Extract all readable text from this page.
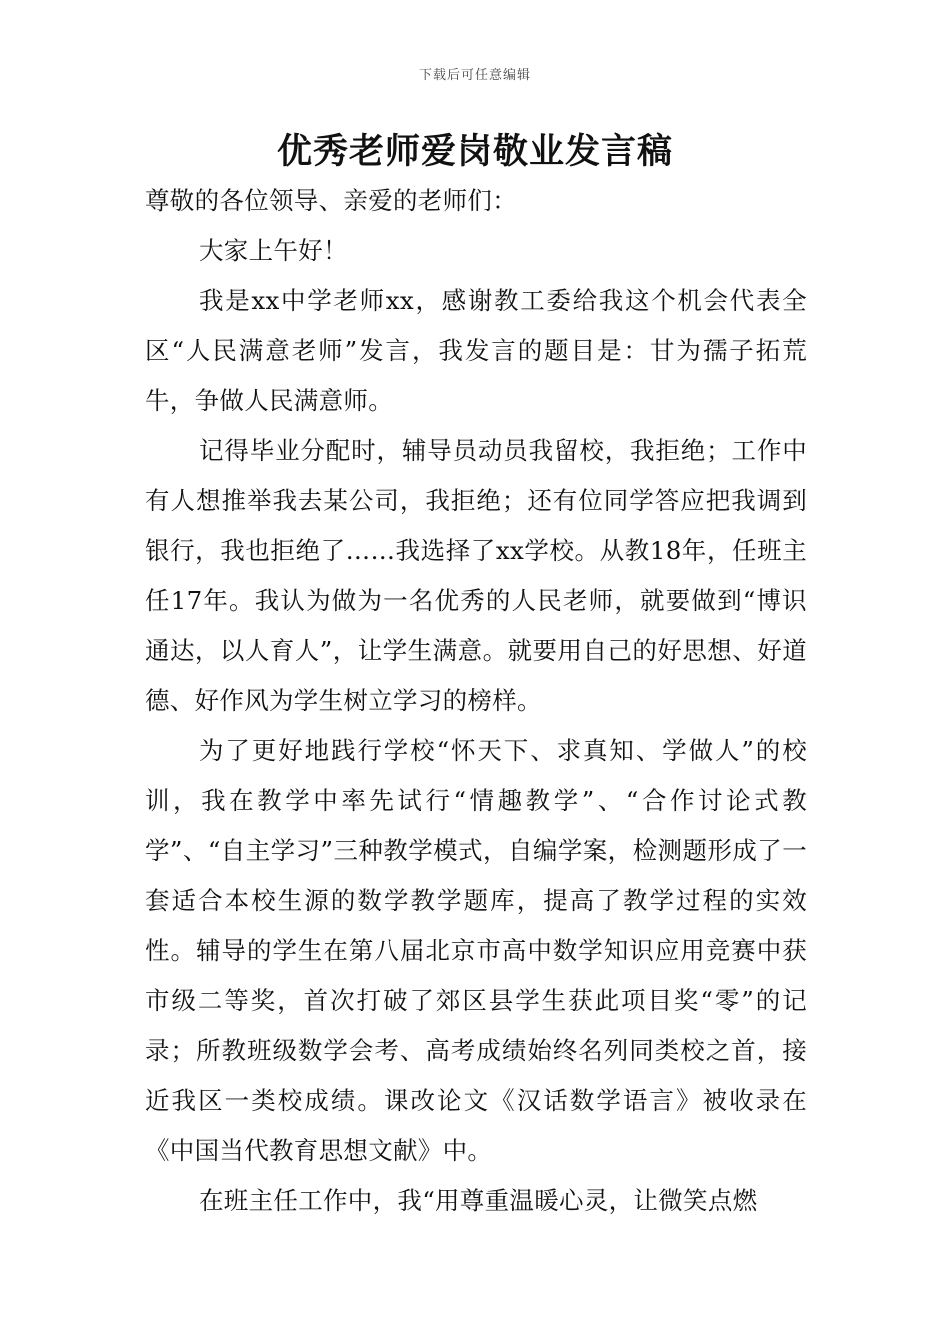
下载后可任意编辑
优秀老师爱岗敬业发言稿

尊敬的各位领导、亲爱的老师们：

大家上午好！

我是xx中学老师xx，感谢教工委给我这个机会代表全区“人民满意老师”发言，我发言的题目是：甘为孺子拓荒牛，争做人民满意师。

记得毕业分配时，辅导员动员我留校，我拒绝；工作中有人想推举我去某公司，我拒绝；还有位同学答应把我调到银行，我也拒绝了……我选择了xx学校。从教18年，任班主任17年。我认为做为一名优秀的人民老师，就要做到“博识通达，以人育人”，让学生满意。就要用自己的好思想、好道德、好作风为学生树立学习的榜样。

为了更好地践行学校“怀天下、求真知、学做人”的校训，我在教学中率先试行“情趣教学”、“合作讨论式教学”、“自主学习”三种教学模式，自编学案，检测题形成了一套适合本校生源的数学教学题库，提高了教学过程的实效性。辅导的学生在第八届北京市高中数学知识应用竞赛中获市级二等奖，首次打破了郊区县学生获此项目奖“零”的记录；所教班级数学会考、高考成绩始终名列同类校之首，接近我区一类校成绩。课改论文《汉话数学语言》被收录在《中国当代教育思想文献》中。

在班主任工作中，我“用尊重温暖心灵，让微笑点燃
